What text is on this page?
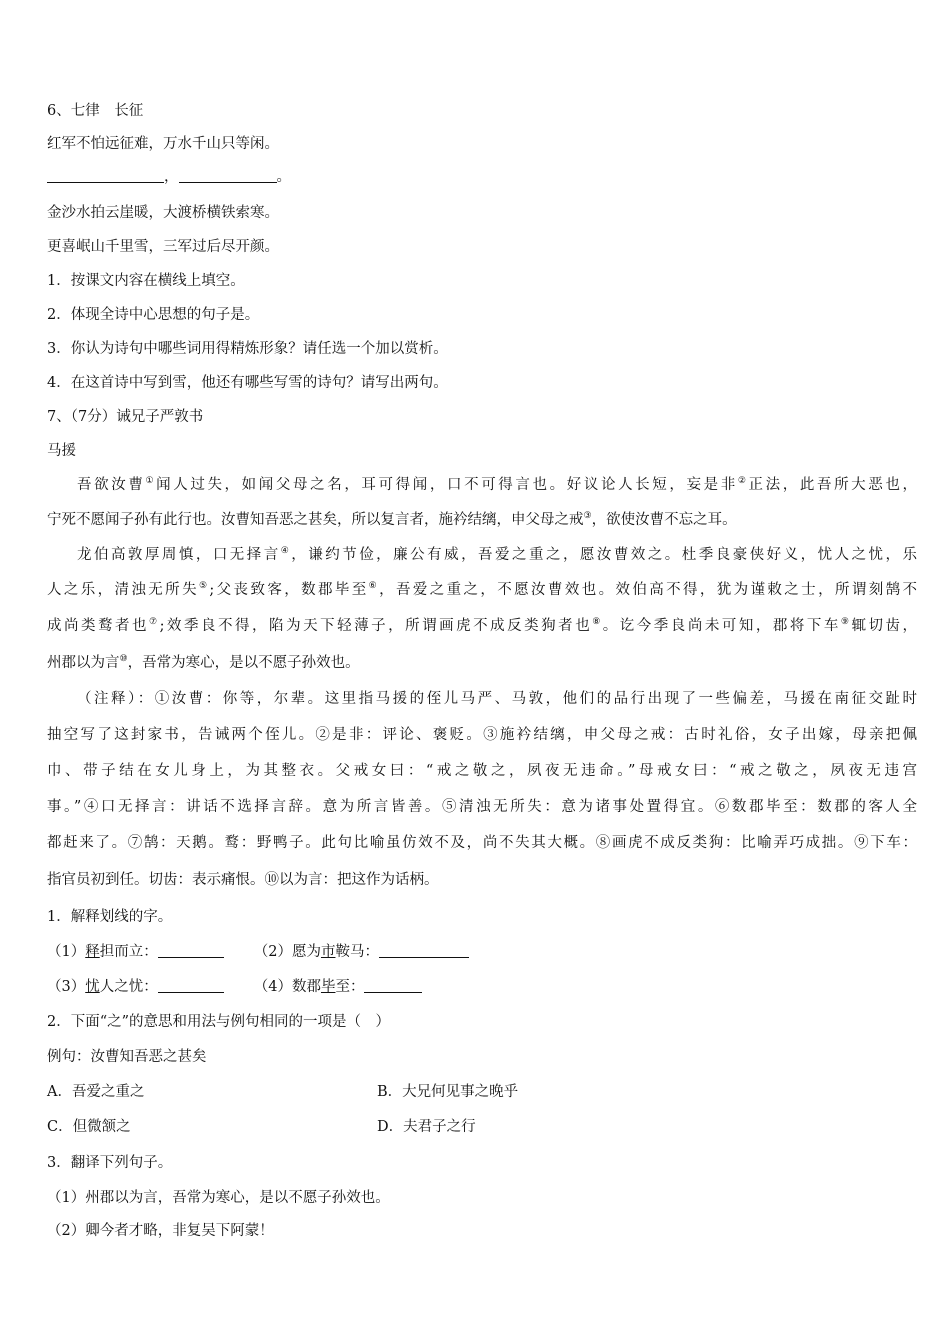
6、七律　长征

红军不怕远征难，万水千山只等闲。

，	。

金沙水拍云崖暖，大渡桥横铁索寒。

更喜岷山千里雪，三军过后尽开颜。

1．按课文内容在横线上填空。

2．体现全诗中心思想的句子是。

3．你认为诗句中哪些词用得精炼形象？请任选一个加以赏析。

4．在这首诗中写到雪，他还有哪些写雪的诗句？请写出两句。

7、（7分）诫兄子严敦书

马援

吾欲汝曹①闻人过失，如闻父母之名，耳可得闻，口不可得言也。好议论人长短，妄是非②正法，此吾所大恶也，

宁死不愿闻子孙有此行也。汝曹知吾恶之甚矣，所以复言者，施衿结缡，申父母之戒③，欲使汝曹不忘之耳。

龙伯高敦厚周慎，口无择言④，谦约节俭，廉公有威，吾爱之重之，愿汝曹效之。杜季良豪侠好义，忧人之忧，乐

人之乐，清浊无所失⑤;父丧致客，数郡毕至⑥，吾爱之重之，不愿汝曹效也。效伯高不得，犹为谨敕之士，所谓刻鹄不

成尚类鹜者也⑦;效季良不得，陷为天下轻薄子，所谓画虎不成反类狗者也⑧。讫今季良尚未可知，郡将下车⑨辄切齿，

州郡以为言⑩，吾常为寒心，是以不愿子孙效也。

（注释）：①汝曹：你等，尔辈。这里指马援的侄儿马严、马敦，他们的品行出现了一些偏差，马援在南征交趾时

抽空写了这封家书，告诫两个侄儿。②是非：评论、褒贬。③施衿结缡，申父母之戒：古时礼俗，女子出嫁，母亲把佩

巾、带子结在女儿身上，为其整衣。父戒女曰：“戒之敬之，夙夜无违命。”母戒女曰：“戒之敬之，夙夜无违宫

事。”④口无择言：讲话不选择言辞。意为所言皆善。⑤清浊无所失：意为诸事处置得宜。⑥数郡毕至：数郡的客人全

都赶来了。⑦鹄：天鹅。鹜：野鸭子。此句比喻虽仿效不及，尚不失其大概。⑧画虎不成反类狗：比喻弄巧成拙。⑨下车：

指官员初到任。切齿：表示痛恨。⑩以为言：把这作为话柄。

1．解释划线的字。

（1）释担而立：	（2）愿为市鞍马：

（3）忧人之忧：	（4）数郡毕至：

2．下面“之”的意思和用法与例句相同的一项是（　）

例句：汝曹知吾恶之甚矣

A．吾爱之重之	B．大兄何见事之晚乎

C．但微颔之	D．夫君子之行

3．翻译下列句子。

（1）州郡以为言，吾常为寒心，是以不愿子孙效也。

（2）卿今者才略，非复吴下阿蒙！
